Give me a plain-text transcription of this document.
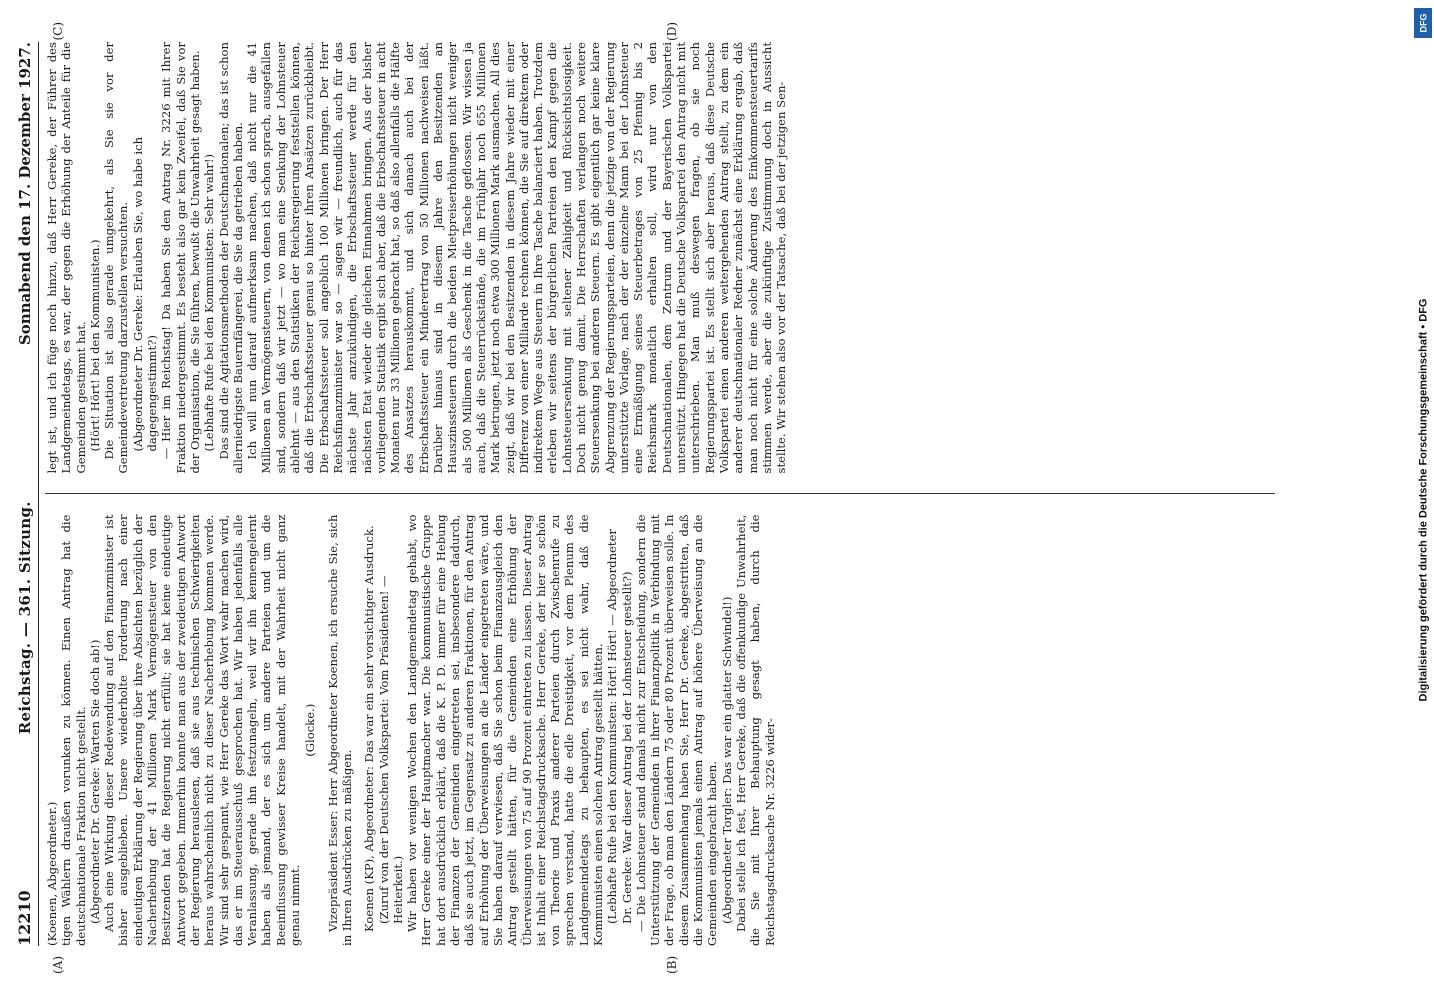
12210
Reichstag. — 361. Sitzung.
Sonnabend den 17. Dezember 1927.
(A)	(B)
(C)	(D)

(Koenen, Abgeordneter.) tigen Wählern draußen vorunken zu können. Einen Antrag hat die deutschnationale Fraktion nicht gestellt. (Abgeordneter Dr. Gereke: Warten Sie doch ab!) Auch eine Wirkung dieser Redewendung auf den Finanzminister ist bisher ausgeblieben. Unsere wiederholte Forderung nach einer eindeutigen Erklärung der Regierung über ihre Absichten bezüglich der Nacherhebung der 41 Millionen Mark Vermögensteuer von den Besitzenden hat die Regierung nicht erfüllt; sie hat keine eindeutige Antwort gegeben. Immerhin konnte man aus der zweideutigen Antwort der Regierung herauslesen, daß sie aus technischen Schwierigkeiten heraus wahrscheinlich nicht zu dieser Nacherhebung kommen werde. Wir sind sehr gespannt, wie Herr Gereke das Wort wahr machen wird, das er im Steuerausschuß gesprochen hat. Wir haben jedenfalls alle Veranlassung, gerade ihn festzunageln, weil wir ihn kennengelernt haben als jemand, der es sich um andere Parteien und um die Beeinflussung gewisser Kreise handelt, mit der Wahrheit nicht ganz genau nimmt.

(Glocke.) Vizepräsident Esser: Herr Abgeordneter Koenen, ich ersuche Sie, sich in Ihren Ausdrücken zu mäßigen. Koenen (KP), Abgeordneter: Das war ein sehr vorsichtiger Ausdruck. (Zuruf von der Deutschen Volkspartei: Vom Präsidenten! — Heiterkeit.) Wir haben vor wenigen Wochen den Landgemeindetag gehabt, wo Herr Gereke einer der Hauptmacher war. Die kommunistische Gruppe hat dort ausdrücklich erklärt, daß die K. P. D. immer für eine Hebung der Finanzen der Gemeinden eingetreten sei, insbesondere dadurch, daß sie auch jetzt, im Gegensatz zu anderen Fraktionen, für den Antrag auf Erhöhung der Überweisungen an die Länder eingetreten wäre, und Sie haben darauf verwiesen, daß Sie schon beim Finanzausgleich den Antrag gestellt hätten, für die Gemeinden eine Erhöhung der Überweisungen von 75 auf 90 Prozent eintreten zu lassen. Dieser Antrag ist Inhalt einer Reichstagsdrucksache. Herr Gereke, der hier so schön von Theorie und Praxis anderer Parteien durch Zwischenrufe zu sprechen verstand, hatte die edle Dreistigkeit, vor dem Plenum des Landgemeindetags zu behaupten, es sei nicht wahr, daß die Kommunisten einen solchen Antrag gestellt hätten. (Lebhafte Rufe bei den Kommunisten: Hört! Hört! — Abgeordneter Dr. Gereke: War dieser Antrag bei der Lohnsteuer gestellt?) — Die Lohnsteuer stand damals nicht zur Entscheidung, sondern die Unterstützung der Gemeinden in ihrer Finanzpolitik in Verbindung mit der Frage, ob man den Ländern 75 oder 80 Prozent überweisen solle. In diesem Zusammenhang haben Sie, Herr Dr. Gereke, abgestritten, daß die Kommunisten jemals einen Antrag auf höhere Überweisung an die Gemeinden eingebracht haben. (Abgeordneter Torgler: Das war ein glatter Schwindel!) Dabei stelle ich fest, Herr Gereke, daß die offenkundige Unwahrheit, die Sie mit Ihrer Behauptung gesagt haben, durch die Reichstagsdrucksache Nr. 3226 wider-

legt ist, und ich füge noch hinzu, daß Herr Gereke, der Führer des Landgemeindetags, es war, der gegen die Erhöhung der Anteile für die Gemeinden gestimmt hat. (Hört! Hört! bei den Kommunisten.) Die Situation ist also gerade umgekehrt, als Sie sie vor der Gemeindevertretung darzustellen versuchten. (Abgeordneter Dr. Gereke: Erlauben Sie, wo habe ich dagegengestimmt?) — Hier im Reichstag! Da haben Sie den Antrag Nr. 3226 mit Ihrer Fraktion niedergestimmt. Es besteht also gar kein Zweifel, daß Sie vor der Organisation, die Sie führen, bewußt die Unwahrheit gesagt haben. (Lebhafte Rufe bei den Kommunisten: Sehr wahr!) Das sind die Agitationsmethoden der Deutschnationalen; das ist schon allerniedrigste Bauernfängerei, die Sie da getrieben haben. Ich will nun darauf aufmerksam machen, daß nicht nur die 41 Millionen an Vermögensteuern, von denen ich schon sprach, ausgefallen sind, sondern daß wir jetzt — wo man eine Senkung der Lohnsteuer ablehnt — aus den Statistiken der Reichsregierung feststellen können, daß die Erbschaftssteuer genau so hinter ihren Ansätzen zurückbleibt. Die Erbschaftssteuer soll angeblich 100 Millionen bringen. Der Herr Reichsfinanzminister war so — sagen wir — freundlich, auch für das nächste Jahr anzukündigen, die Erbschaftssteuer werde für den nächsten Etat wieder die gleichen Einnahmen bringen. Aus der bisher vorliegenden Statistik ergibt sich aber, daß die Erbschaftssteuer in acht Monaten nur 33 Millionen gebracht hat, so daß also allenfalls die Hälfte des Ansatzes herauskommt, und sich danach auch bei der Erbschaftssteuer ein Minderertrag von 50 Millionen nachweisen läßt. Darüber hinaus sind in diesem Jahre den Besitzenden an Hauszinssteuern durch die beiden Mietpreiserhöhungen nicht weniger als 500 Millionen als Geschenk in die Tasche geflossen. Wir wissen ja auch, daß die Steuerrückstände, die im Frühjahr noch 655 Millionen Mark betrugen, jetzt noch etwa 300 Millionen Mark ausmachen. All dies zeigt, daß wir bei den Besitzenden in diesem Jahre wieder mit einer Differenz von einer Milliarde rechnen können, die Sie auf direktem oder indirektem Wege aus Steuern in Ihre Tasche balanciert haben. Trotzdem erleben wir seitens der bürgerlichen Parteien den Kampf gegen die Lohnsteuersenkung mit seltener Zähigkeit und Rücksichtslosigkeit. Doch nicht genug damit. Die Herrschaften verlangen noch weitere Steuersenkung bei anderen Steuern. Es gibt eigentlich gar keine klare Abgrenzung der Regierungsparteien, denn die jetzige von der Regierung unterstützte Vorlage, nach der der einzelne Mann bei der Lohnsteuer eine Ermäßigung seines Steuerbetrages von 25 Pfennig bis 2 Reichsmark monatlich erhalten soll, wird nur von den Deutschnationalen, dem Zentrum und der Bayerischen Volkspartei unterstützt. Hingegen hat die Deutsche Volkspartei den Antrag nicht mit unterschrieben. Man muß deswegen fragen, ob sie noch Regierungspartei ist. Es stellt sich aber heraus, daß diese Deutsche Volkspartei einen anderen weitergehenden Antrag stellt, zu dem ein anderer deutschnationaler Redner zunächst eine Erklärung ergab, daß man noch nicht für eine solche Änderung des Einkommensteuertarifs stimmen werde, aber die zukünftige Zustimmung doch in Aussicht stellte. Wir stehen also vor der Tatsache, daß bei der jetzigen Sen-

DFG
Digitalisierung gefördert durch die Deutsche Forschungsgemeinschaft • DFG
